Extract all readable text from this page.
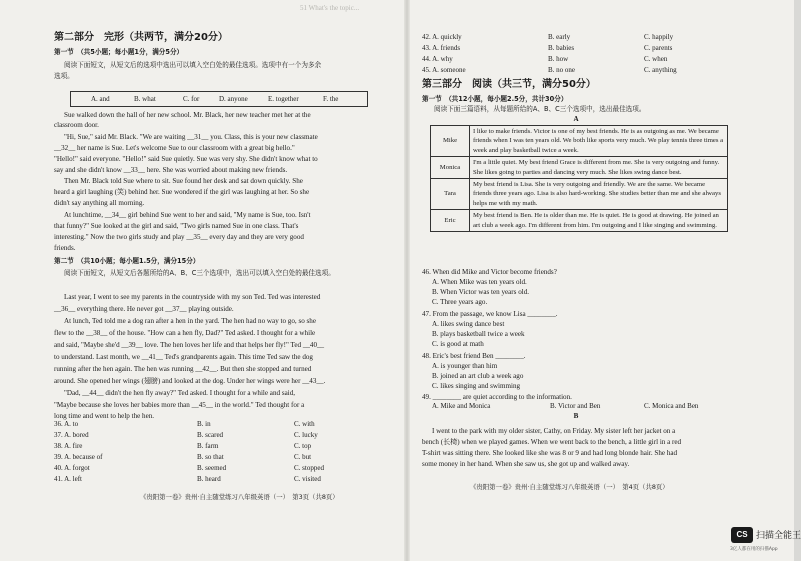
51 What's the topic...
第二部分　完形（共两节，满分20分）
第一节　（共5小题；每小题1分，满分5分）
阅读下面短文，从短文后的选项中选出可以填入空白处的最佳选项。选项中有一个为多余
选项。
A. and	B. what	C. for	D. anyone	E. together	F. the
Sue walked down the hall of her new school. Mr. Black, her new teacher met her at the
classroom door.
"Hi, Sue," said Mr. Black. "We are waiting __31__ you. Class, this is your new classmate
__32__ her name is Sue. Let's welcome Sue to our classroom with a great big hello."
"Hello!" said everyone. "Hello!" said Sue quietly. Sue was very shy. She didn't know what to
say and she didn't know __33__ here. She was worried about making new friends.
Then Mr. Black told Sue where to sit. Sue found her desk and sat down quickly. She
heard a girl laughing (笑) behind her. Sue wondered if the girl was laughing at her. So she
didn't say anything all morning.
At lunchtime, __34__ girl behind Sue went to her and said, "My name is Sue, too. Isn't
that funny?" Sue looked at the girl and said, "Two girls named Sue in one class. That's
interesting." Now the two girls study and play __35__ every day and they are very good
friends.
第二节　（共10小题；每小题1.5分，满分15分）
阅读下面短文，从短文后各题所给的A、B、C三个选项中，选出可以填入空白处的最佳选项。
Last year, I went to see my parents in the countryside with my son Ted. Ted was interested
__36__ everything there. He never got __37__ playing outside.
At lunch, Ted told me a dog ran after a hen in the yard. The hen had no way to go, so she
flew to the __38__ of the house. "How can a hen fly, Dad?" Ted asked. I thought for a while
and said, "Maybe she'd __39__ love. The hen loves her life and that helps her fly!" Ted __40__
to understand. Last month, we __41__ Ted's grandparents again. This time Ted saw the dog
running after the hen again. The hen was running __42__. But then she stopped and turned
around. She opened her wings (翅膀) and looked at the dog. Under her wings were her __43__.
"Dad, __44__ didn't the hen fly away?" Ted asked. I thought for a while and said,
"Maybe because she loves her babies more than __45__ in the world." Ted thought for a
long time and went to help the hen.
36. A. to	B. in	C. with
37. A. bored	B. scared	C. lucky
38. A. fire	B. farm	C. top
39. A. because of	B. so that	C. but
40. A. forgot	B. seemed	C. stopped
41. A. left	B. heard	C. visited
《贵阳第一卷》贵州·自主随堂练习八年级英语（一）　第3页（共8页）
42. A. quickly	B. early	C. happily
43. A. friends	B. babies	C. parents
44. A. why	B. how	C. when
45. A. someone	B. no one	C. anything
第三部分　阅读（共三节，满分50分）
第一节　（共12小题，每小题2.5分，共计30分）
阅读下面三篇语料，从每题所给的A、B、C三个选项中，选出最佳选项。
A
Mike	I like to make friends. Victor is one of my best friends. He is as outgoing as me. We became friends when I was ten years old. We both like sports very much. We play tennis three times a week and play basketball twice a week.
Monica	I'm a little quiet. My best friend Grace is different from me. She is very outgoing and funny. She likes going to parties and dancing very much. She likes swing dance best.
Tara	My best friend is Lisa. She is very outgoing and friendly. We are the same. We became friends three years ago. Lisa is also hard-working. She studies better than me and she always helps me with my math.
Eric	My best friend is Ben. He is older than me. He is quiet. He is good at drawing. He joined an art club a week ago. I'm different from him. I'm outgoing and I like singing and swimming.
46. When did Mike and Victor become friends?
A. When Mike was ten years old.
B. When Victor was ten years old.
C. Three years ago.
47. From the passage, we know Lisa ________.
A. likes swing dance best
B. plays basketball twice a week
C. is good at math
48. Eric's best friend Ben ________.
A. is younger than him
B. joined an art club a week ago
C. likes singing and swimming
49. ________ are quiet according to the information.
A. Mike and Monica	B. Victor and Ben	C. Monica and Ben
B
I went to the park with my older sister, Cathy, on Friday. My sister left her jacket on a
bench (长椅) when we played games. When we went back to the bench, a little girl in a red
T-shirt was sitting there. She looked like she was 8 or 9 and had long blonde hair. She had
some money in her hand. When she saw us, she got up and walked away.
《贵阳第一卷》贵州·自主随堂练习八年级英语（一）　第4页（共8页）
CS 扫描全能王
3亿人都在用的扫描App
